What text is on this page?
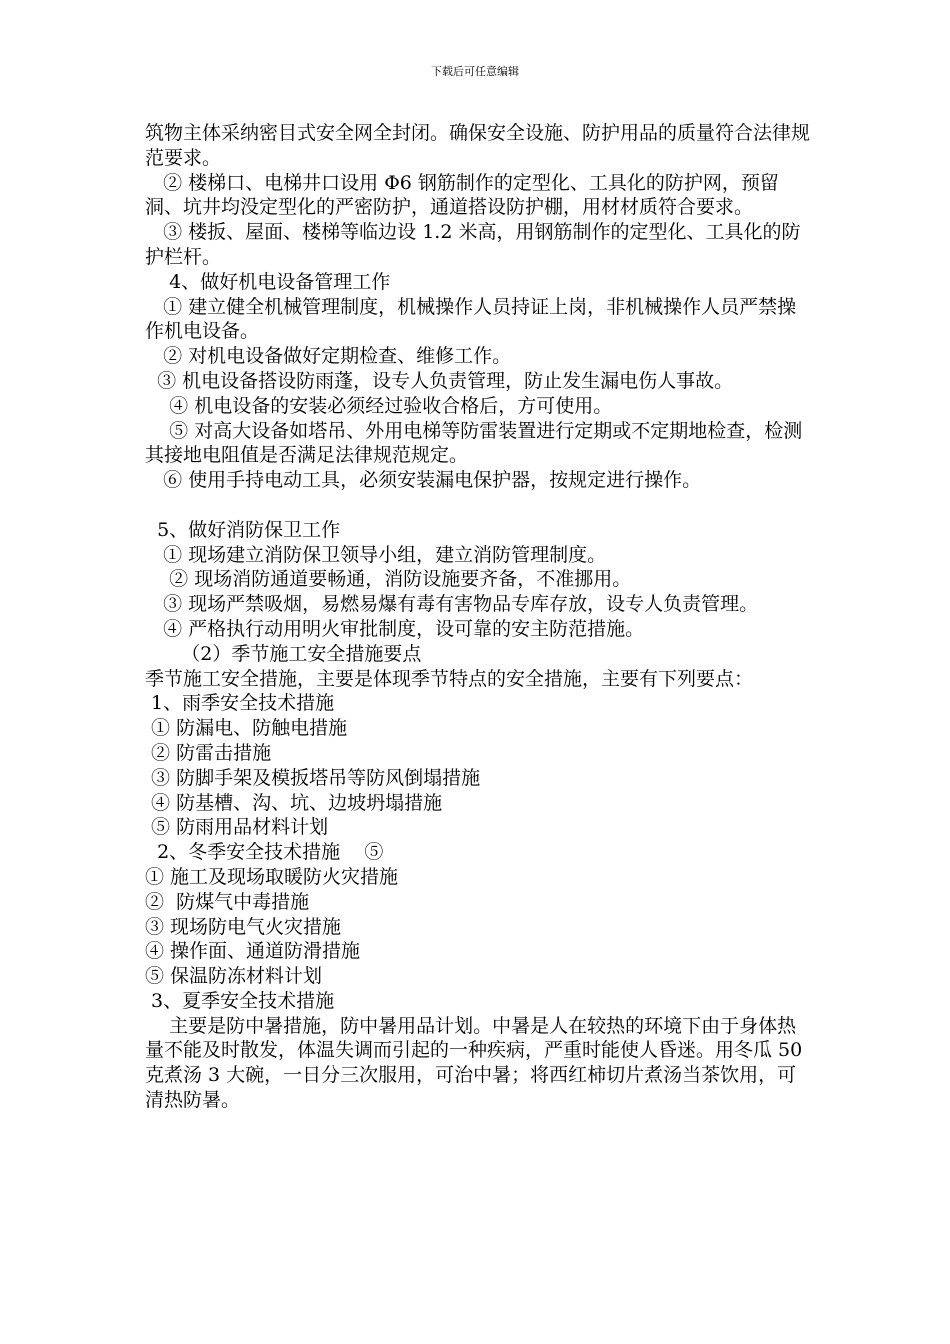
下载后可任意编辑

筑物主体采纳密目式安全网全封闭。确保安全设施、防护用品的质量符合法律规范要求。

② 楼梯口、电梯井口设用 Φ6 钢筋制作的定型化、工具化的防护网，预留洞、坑井均没定型化的严密防护，通道搭设防护棚，用材材质符合要求。

③ 楼扳、屋面、楼梯等临边设 1.2 米高，用钢筋制作的定型化、工具化的防护栏杆。

4、做好机电设备管理工作

① 建立健全机械管理制度，机械操作人员持证上岗，非机械操作人员严禁操作机电设备。

② 对机电设备做好定期检查、维修工作。

③ 机电设备搭设防雨蓬，设专人负责管理，防止发生漏电伤人事故。

④ 机电设备的安装必须经过验收合格后，方可使用。

⑤ 对高大设备如塔吊、外用电梯等防雷装置进行定期或不定期地检查，检测其接地电阻值是否满足法律规范规定。

⑥ 使用手持电动工具，必须安装漏电保护器，按规定进行操作。

5、做好消防保卫工作

① 现场建立消防保卫领导小组，建立消防管理制度。

② 现场消防通道要畅通，消防设施要齐备，不准挪用。

③ 现场严禁吸烟，易燃易爆有毒有害物品专库存放，设专人负责管理。

④ 严格执行动用明火审批制度，设可靠的安主防范措施。

（2）季节施工安全措施要点

季节施工安全措施，主要是体现季节特点的安全措施，主要有下列要点：

1、雨季安全技术措施

① 防漏电、防触电措施

② 防雷击措施

③ 防脚手架及模扳塔吊等防风倒塌措施

④ 防基槽、沟、坑、边坡坍塌措施

⑤ 防雨用品材料计划

2、冬季安全技术措施    ⑤

① 施工及现场取暖防火灾措施

②  防煤气中毒措施

③ 现场防电气火灾措施

④ 操作面、通道防滑措施

⑤ 保温防冻材料计划

3、夏季安全技术措施

主要是防中暑措施，防中暑用品计划。中暑是人在较热的环境下由于身体热量不能及时散发，体温失调而引起的一种疾病，严重时能使人昏迷。用冬瓜 50 克煮汤 3 大碗，一日分三次服用，可治中暑；将西红柿切片煮汤当茶饮用，可清热防暑。
